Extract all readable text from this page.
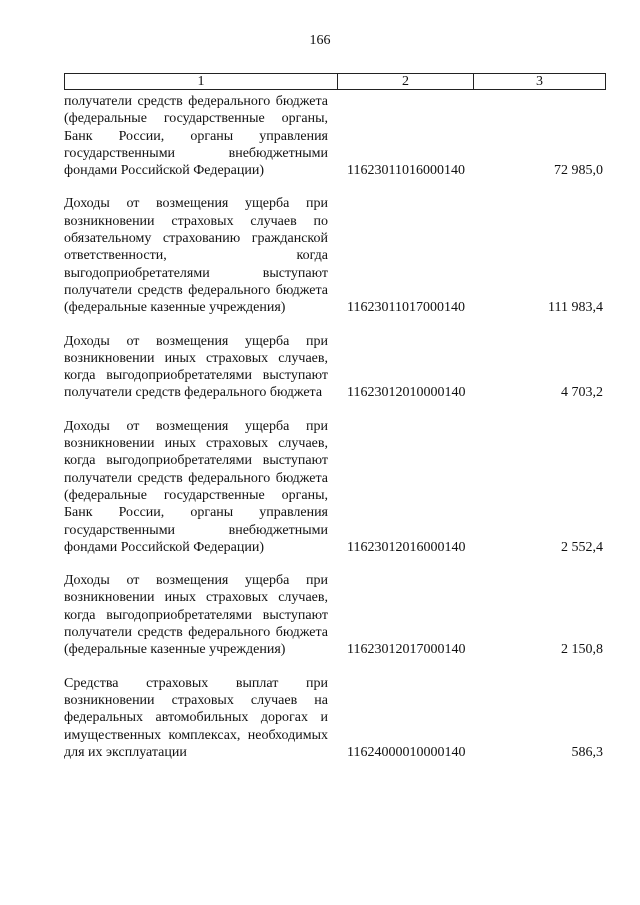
166
1	2	3
получатели средств федерального бюджета (федеральные государственные органы, Банк России, органы управления государственными внебюджетными фондами Российской Федерации)	11623011016000140	72 985,0
Доходы от возмещения ущерба при возникновении страховых случаев по обязательному страхованию гражданской ответственности, когда выгодоприобретателями выступают получатели средств федерального бюджета (федеральные казенные учреждения)	11623011017000140	111 983,4
Доходы от возмещения ущерба при возникновении иных страховых случаев, когда выгодоприобретателями выступают получатели средств федерального бюджета	11623012010000140	4 703,2
Доходы от возмещения ущерба при возникновении иных страховых случаев, когда выгодоприобретателями выступают получатели средств федерального бюджета (федеральные государственные органы, Банк России, органы управления государственными внебюджетными фондами Российской Федерации)	11623012016000140	2 552,4
Доходы от возмещения ущерба при возникновении иных страховых случаев, когда выгодоприобретателями выступают получатели средств федерального бюджета (федеральные казенные учреждения)	11623012017000140	2 150,8
Средства страховых выплат при возникновении страховых случаев на федеральных автомобильных дорогах и имущественных комплексах, необходимых для их эксплуатации	11624000010000140	586,3
